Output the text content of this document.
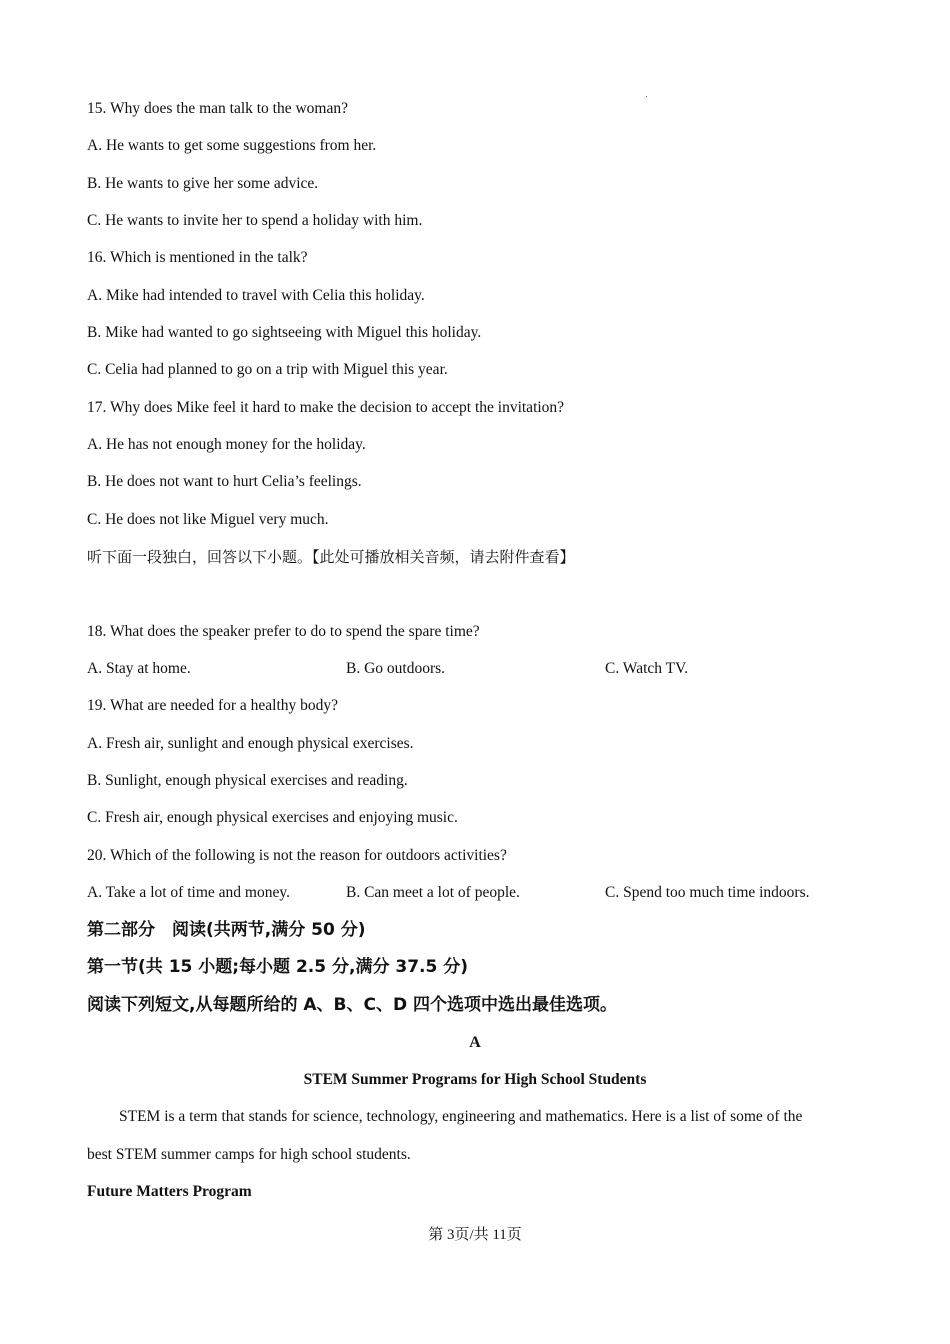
15. Why does the man talk to the woman?
A. He wants to get some suggestions from her.
B. He wants to give her some advice.
C. He wants to invite her to spend a holiday with him.
16. Which is mentioned in the talk?
A. Mike had intended to travel with Celia this holiday.
B. Mike had wanted to go sightseeing with Miguel this holiday.
C. Celia had planned to go on a trip with Miguel this year.
17. Why does Mike feel it hard to make the decision to accept the invitation?
A. He has not enough money for the holiday.
B. He does not want to hurt Celia’s feelings.
C. He does not like Miguel very much.
听下面一段独白，回答以下小题。【此处可播放相关音频，请去附件查看】
18. What does the speaker prefer to do to spend the spare time?
A. Stay at home.	B. Go outdoors.	C. Watch TV.
19. What are needed for a healthy body?
A. Fresh air, sunlight and enough physical exercises.
B. Sunlight, enough physical exercises and reading.
C. Fresh air, enough physical exercises and enjoying music.
20. Which of the following is not the reason for outdoors activities?
A. Take a lot of time and money.	B. Can meet a lot of people.	C. Spend too much time indoors.
第二部分　阅读(共两节,满分 50 分)
第一节(共 15 小题;每小题 2.5 分,满分 37.5 分)
阅读下列短文,从每题所给的 A、B、C、D 四个选项中选出最佳选项。
A
STEM Summer Programs for High School Students
STEM is a term that stands for science, technology, engineering and mathematics. Here is a list of some of the
best STEM summer camps for high school students.
Future Matters Program
第 3页/共 11页
